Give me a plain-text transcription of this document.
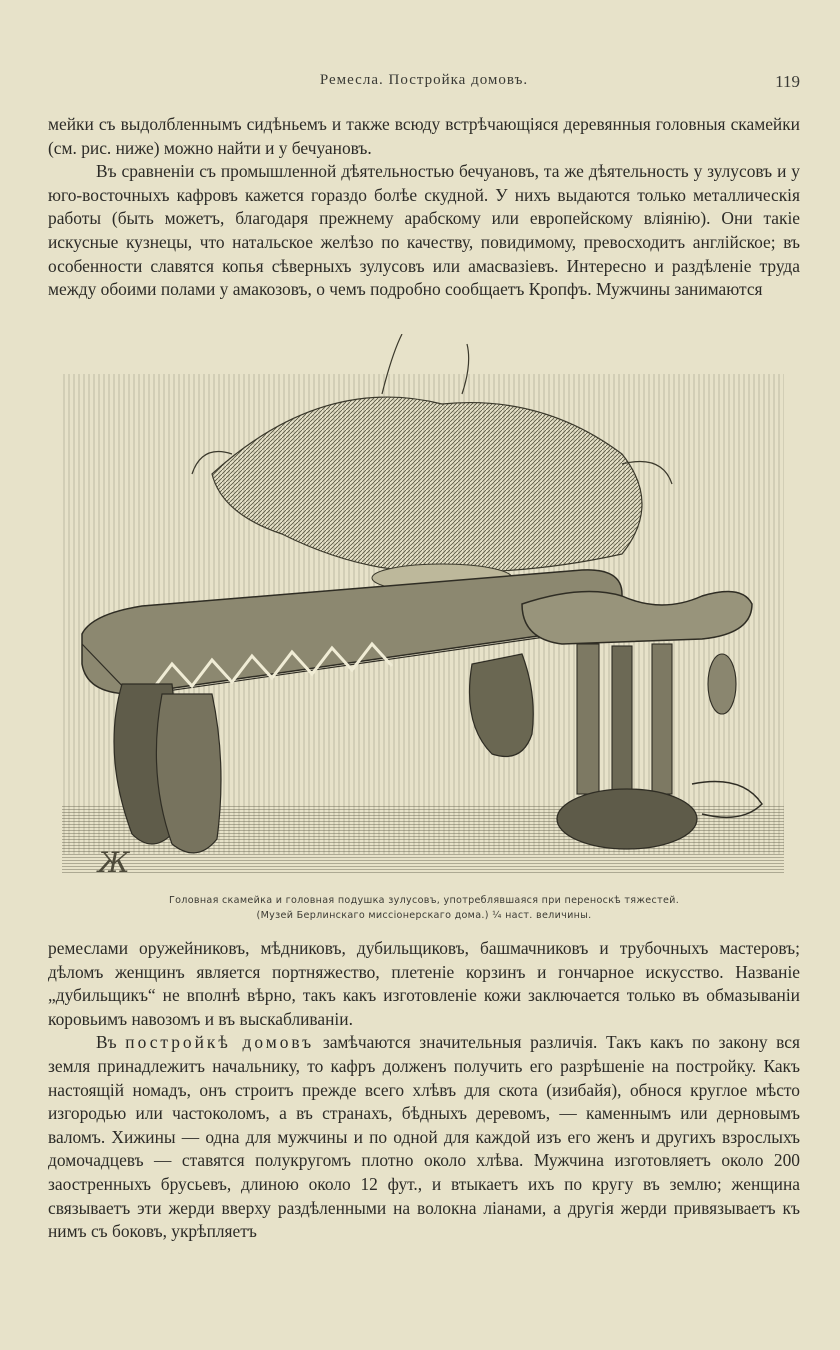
Ремесла. Постройка домовъ.	119

мейки съ выдолбленнымъ сидѣньемъ и также всюду встрѣчающіяся деревянныя головныя скамейки (см. рис. ниже) можно найти и у бечуановъ.

Въ сравненіи съ промышленной дѣятельностью бечуановъ, та же дѣятельность у зулусовъ и у юго-восточныхъ кафровъ кажется гораздо болѣе скудной. У нихъ выдаются только металлическія работы (быть можетъ, благодаря прежнему арабскому или европейскому вліянію). Они такіе искусные кузнецы, что натальское желѣзо по качеству, повидимому, превосходитъ англійское; въ особенности славятся копья сѣверныхъ зулусовъ или амасвазіевъ. Интересно и раздѣленіе труда между обоими полами у амакозовъ, о чемъ подробно сообщаетъ Кропфъ. Мужчины занимаются

Ж
Головная скамейка и головная подушка зулусовъ, употреблявшаяся при переноскѣ тяжестей.
(Музей Берлинскаго миссіонерскаго дома.) ¼ наст. величины.

ремеслами оружейниковъ, мѣдниковъ, дубильщиковъ, башмачниковъ и трубочныхъ мастеровъ; дѣломъ женщинъ является портняжество, плетеніе корзинъ и гончарное искусство. Названіе „дубильщикъ“ не вполнѣ вѣрно, такъ какъ изготовленіе кожи заключается только въ обмазываніи коровьимъ навозомъ и въ выскабливаніи.

Въ постройкѣ домовъ замѣчаются значительныя различія. Такъ какъ по закону вся земля принадлежитъ начальнику, то кафръ долженъ получить его разрѣшеніе на постройку. Какъ настоящій номадъ, онъ строитъ прежде всего хлѣвъ для скота (изибайя), обнося круглое мѣсто изгородью или частоколомъ, а въ странахъ, бѣдныхъ деревомъ, — каменнымъ или дерновымъ валомъ. Хижины — одна для мужчины и по одной для каждой изъ его женъ и другихъ взрослыхъ домочадцевъ — ставятся полукругомъ плотно около хлѣва. Мужчина изготовляетъ около 200 заостренныхъ брусьевъ, длиною около 12 фут., и втыкаетъ ихъ по кругу въ землю; женщина связываетъ эти жерди вверху раздѣленными на волокна ліанами, а другія жерди привязываетъ къ нимъ съ боковъ, укрѣпляетъ
